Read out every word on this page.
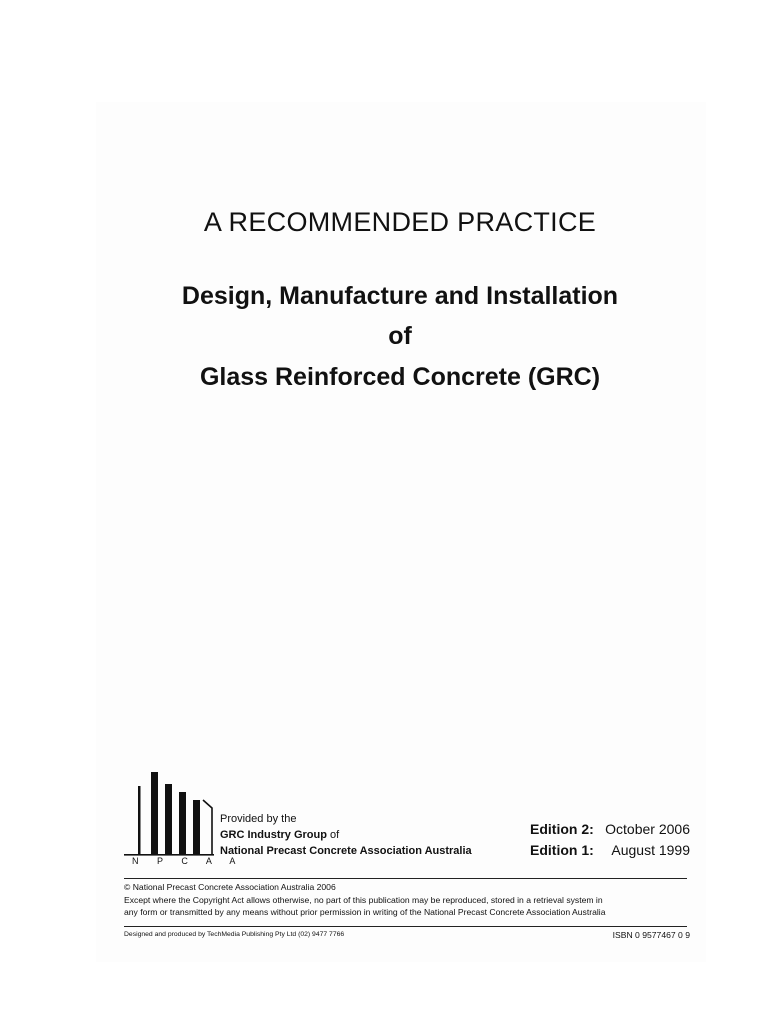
A RECOMMENDED PRACTICE
Design, Manufacture and Installation
of
Glass Reinforced Concrete (GRC)
N P C A A
Provided by the
GRC Industry Group of
National Precast Concrete Association Australia
Edition 2: October 2006
Edition 1:	August 1999
© National Precast Concrete Association Australia 2006
Except where the Copyright Act allows otherwise, no part of this publication may be reproduced, stored in a retrieval system in
any form or transmitted by any means without prior permission in writing of the National Precast Concrete Association Australia
Designed and produced by TechMedia Publishing Pty Ltd (02) 9477 7766	ISBN 0 9577467 0 9
